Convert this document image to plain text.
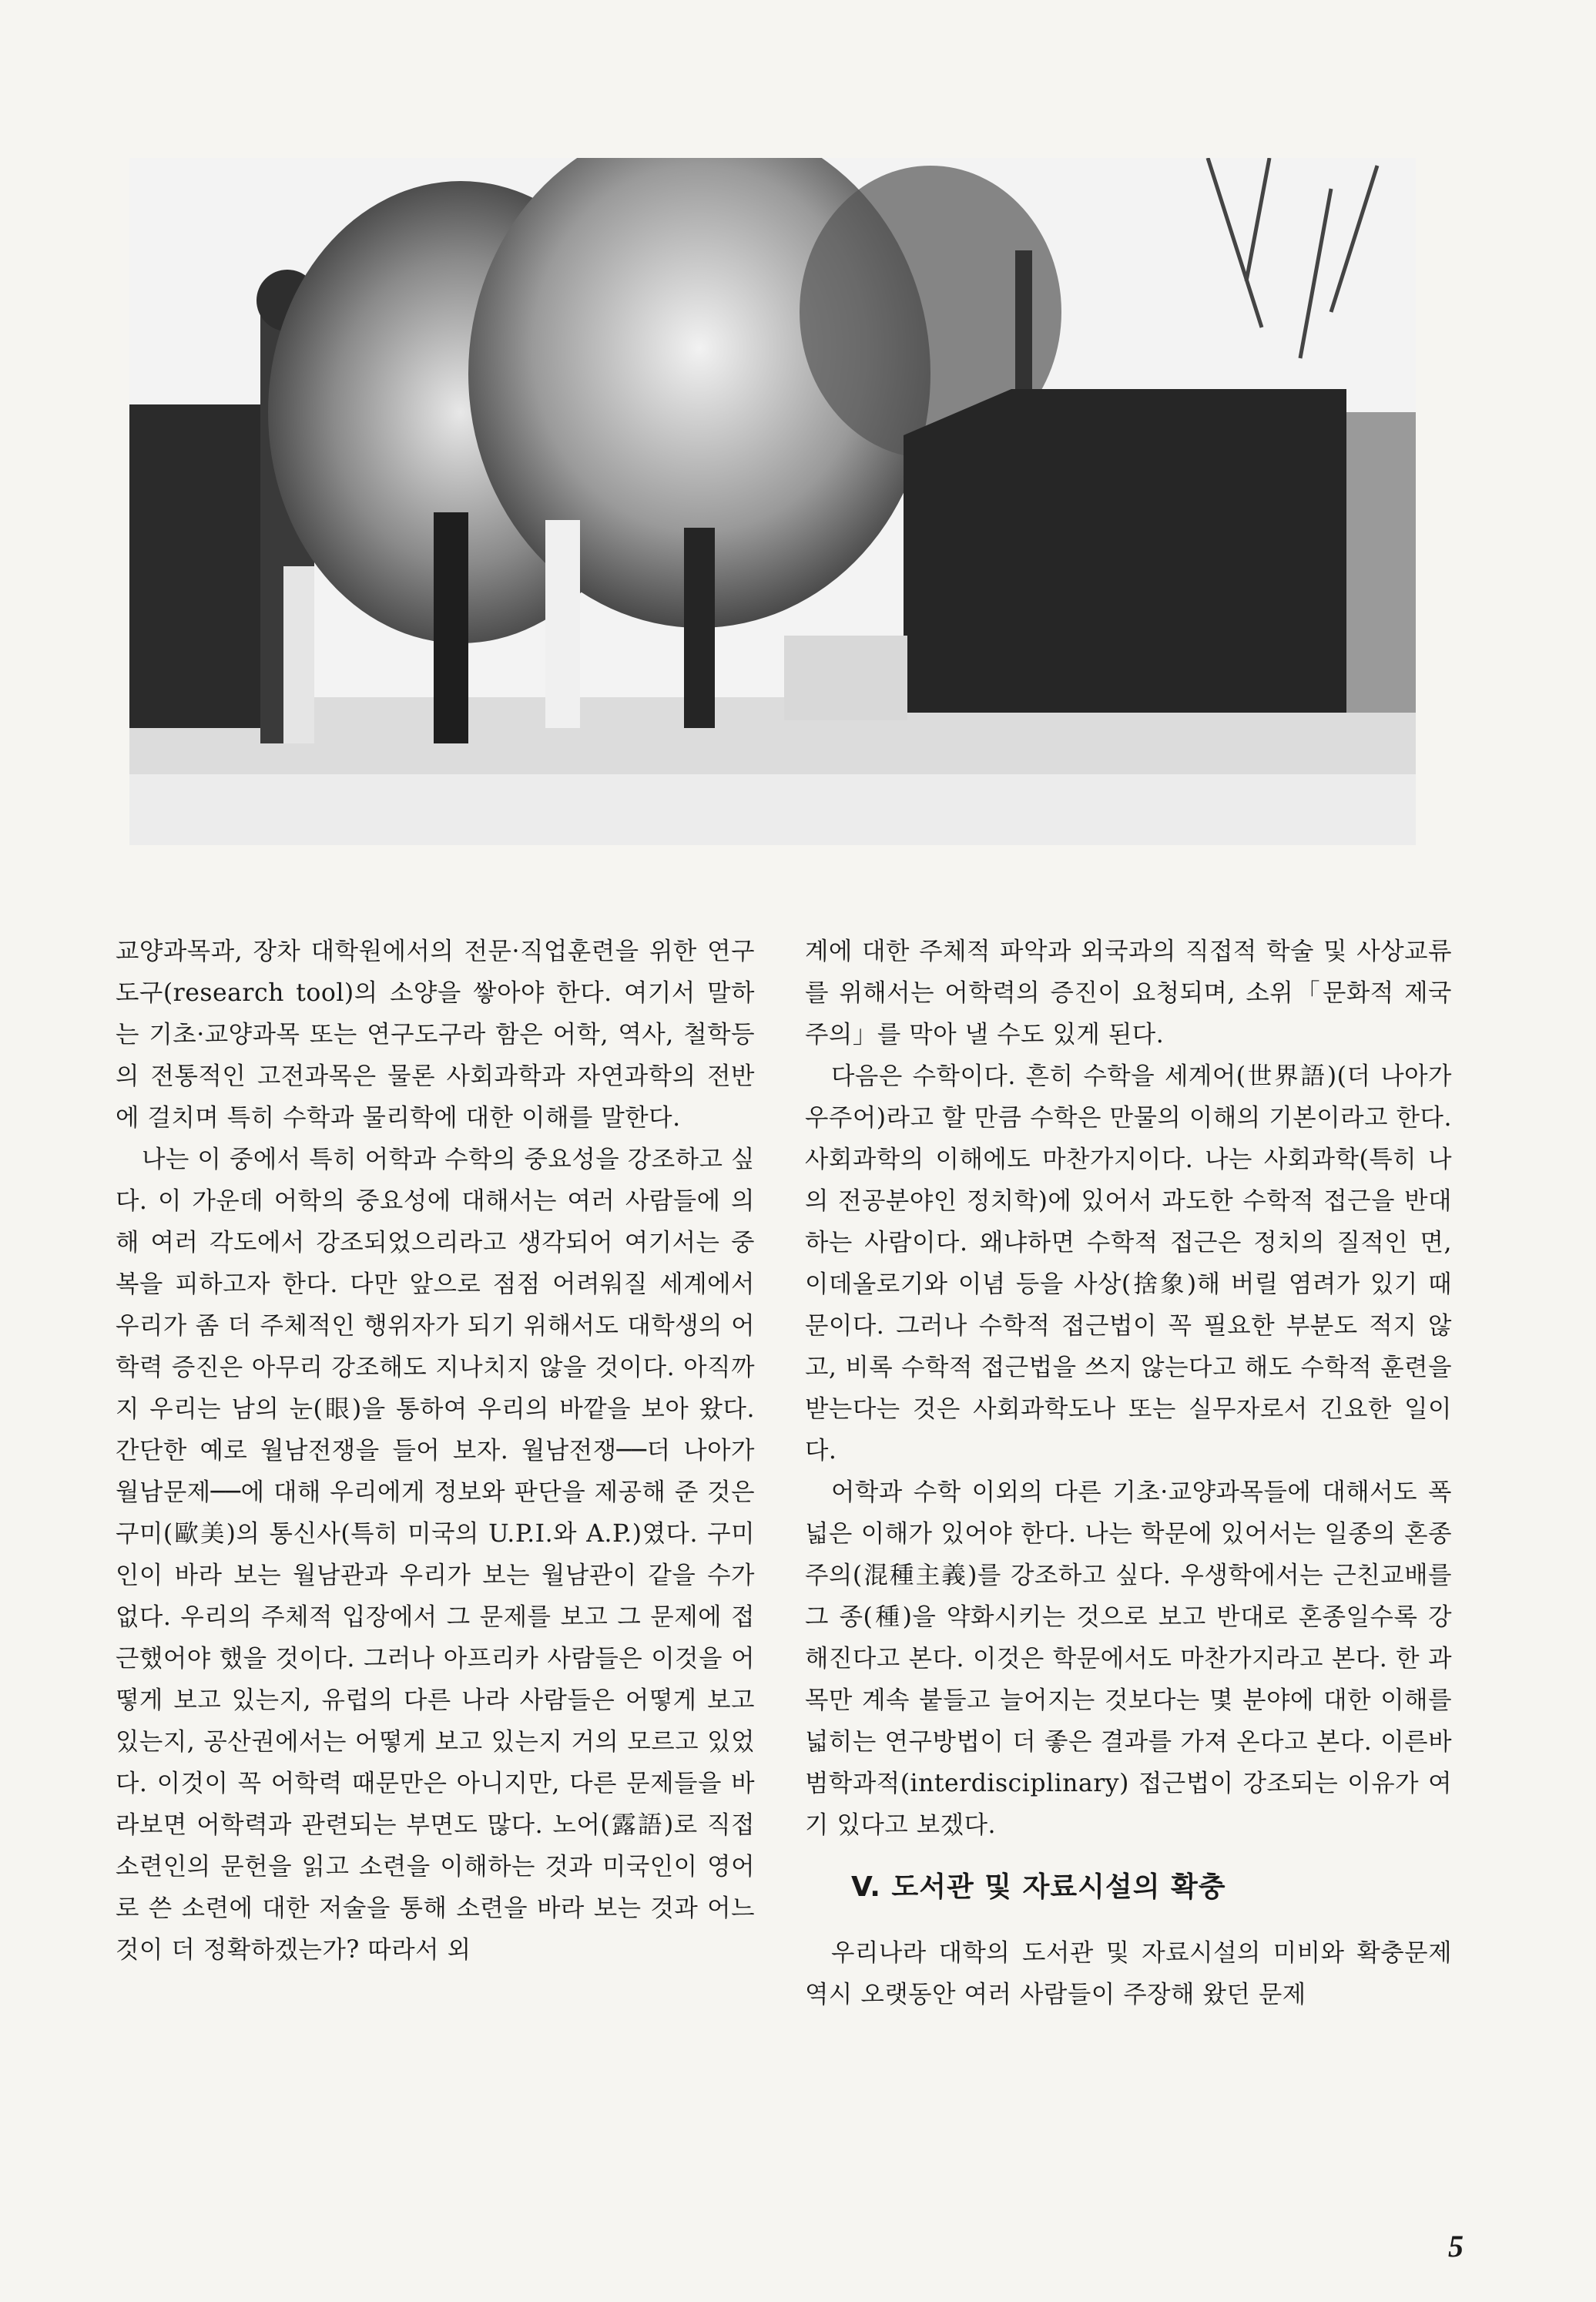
교양과목과, 장차 대학원에서의 전문·직업훈련을 위한 연구도구(research tool)의 소양을 쌓아야 한다. 여기서 말하는 기초·교양과목 또는 연구도구라 함은 어학, 역사, 철학등의 전통적인 고전과목은 물론 사회과학과 자연과학의 전반에 걸치며 특히 수학과 물리학에 대한 이해를 말한다.

나는 이 중에서 특히 어학과 수학의 중요성을 강조하고 싶다. 이 가운데 어학의 중요성에 대해서는 여러 사람들에 의해 여러 각도에서 강조되었으리라고 생각되어 여기서는 중복을 피하고자 한다. 다만 앞으로 점점 어려워질 세계에서 우리가 좀 더 주체적인 행위자가 되기 위해서도 대학생의 어학력 증진은 아무리 강조해도 지나치지 않을 것이다. 아직까지 우리는 남의 눈(眼)을 통하여 우리의 바깥을 보아 왔다. 간단한 예로 월남전쟁을 들어 보자. 월남전쟁──더 나아가 월남문제──에 대해 우리에게 정보와 판단을 제공해 준 것은 구미(歐美)의 통신사(특히 미국의 U.P.I.와 A.P.)였다. 구미인이 바라 보는 월남관과 우리가 보는 월남관이 같을 수가 없다. 우리의 주체적 입장에서 그 문제를 보고 그 문제에 접근했어야 했을 것이다. 그러나 아프리카 사람들은 이것을 어떻게 보고 있는지, 유럽의 다른 나라 사람들은 어떻게 보고 있는지, 공산권에서는 어떻게 보고 있는지 거의 모르고 있었다. 이것이 꼭 어학력 때문만은 아니지만, 다른 문제들을 바라보면 어학력과 관련되는 부면도 많다. 노어(露語)로 직접 소련인의 문헌을 읽고 소련을 이해하는 것과 미국인이 영어로 쓴 소련에 대한 저술을 통해 소련을 바라 보는 것과 어느 것이 더 정확하겠는가? 따라서 외

계에 대한 주체적 파악과 외국과의 직접적 학술 및 사상교류를 위해서는 어학력의 증진이 요청되며, 소위「문화적 제국주의」를 막아 낼 수도 있게 된다.

다음은 수학이다. 흔히 수학을 세계어(世界語)(더 나아가 우주어)라고 할 만큼 수학은 만물의 이해의 기본이라고 한다. 사회과학의 이해에도 마찬가지이다. 나는 사회과학(특히 나의 전공분야인 정치학)에 있어서 과도한 수학적 접근을 반대하는 사람이다. 왜냐하면 수학적 접근은 정치의 질적인 면, 이데올로기와 이념 등을 사상(捨象)해 버릴 염려가 있기 때문이다. 그러나 수학적 접근법이 꼭 필요한 부분도 적지 않고, 비록 수학적 접근법을 쓰지 않는다고 해도 수학적 훈련을 받는다는 것은 사회과학도나 또는 실무자로서 긴요한 일이다.

어학과 수학 이외의 다른 기초·교양과목들에 대해서도 폭 넓은 이해가 있어야 한다. 나는 학문에 있어서는 일종의 혼종주의(混種主義)를 강조하고 싶다. 우생학에서는 근친교배를 그 종(種)을 약화시키는 것으로 보고 반대로 혼종일수록 강해진다고 본다. 이것은 학문에서도 마찬가지라고 본다. 한 과목만 계속 붙들고 늘어지는 것보다는 몇 분야에 대한 이해를 넓히는 연구방법이 더 좋은 결과를 가져 온다고 본다. 이른바 범학과적(interdisciplinary) 접근법이 강조되는 이유가 여기 있다고 보겠다.

V. 도서관 및 자료시설의 확충

우리나라 대학의 도서관 및 자료시설의 미비와 확충문제 역시 오랫동안 여러 사람들이 주장해 왔던 문제

5
